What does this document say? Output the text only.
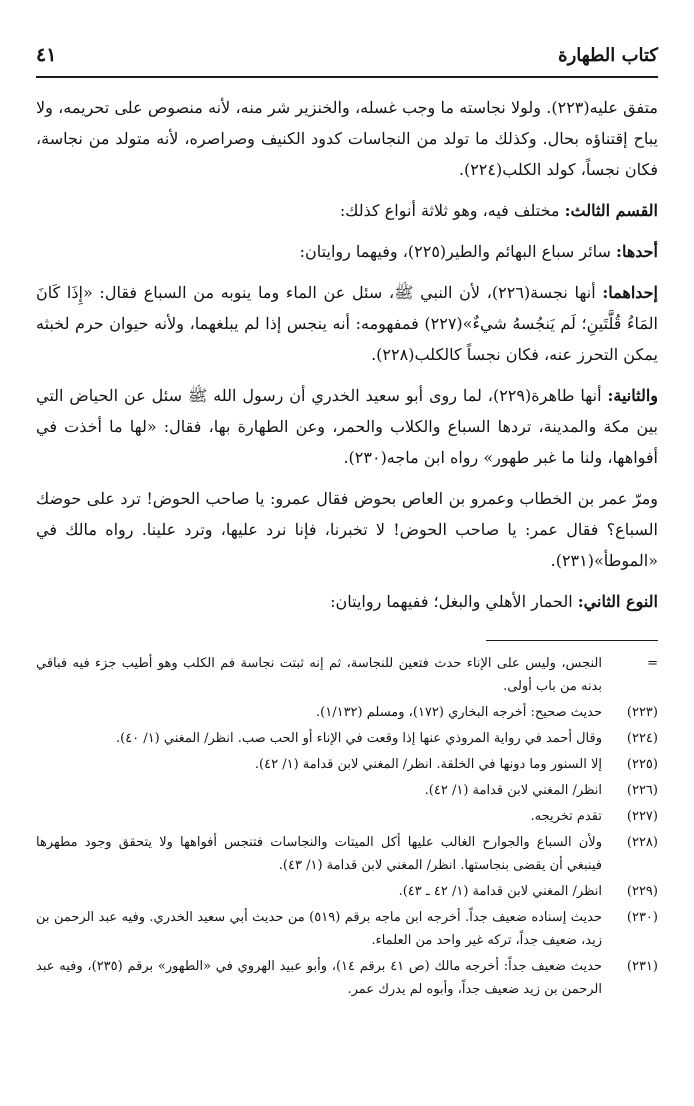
كتاب الطهارة
٤١

متفق عليه(٢٢٣). ولولا نجاسته ما وجب غسله، والخنزير شر منه، لأنه منصوص على تحريمه، ولا يباح إقتناؤه بحال. وكذلك ما تولد من النجاسات كدود الكنيف وصراصره، لأنه متولد من نجاسة، فكان نجساً، كولد الكلب(٢٢٤).

القسم الثالث: مختلف فيه، وهو ثلاثة أنواع كذلك:

أحدها: سائر سباع البهائم والطير(٢٢٥)، وفيهما روايتان:

إحداهما: أنها نجسة(٢٢٦)، لأن النبي ﷺ، سئل عن الماء وما ينوبه من السباع فقال: «إِذَا كَانَ المَاءُ قُلَّتَينِ؛ لَم يَنجُسهُ شيءٌ»(٢٢٧) فمفهومه: أنه ينجس إذا لم يبلغهما، ولأنه حيوان حرم لخبثه يمكن التحرز عنه، فكان نجساً كالكلب(٢٢٨).

والثانية: أنها طاهرة(٢٢٩)، لما روى أبو سعيد الخدري أن رسول الله ﷺ سئل عن الحياض التي بين مكة والمدينة، تردها السباع والكلاب والحمر، وعن الطهارة بها، فقال: «لها ما أخذت في أفواهها، ولنا ما غبر طهور» رواه ابن ماجه(٢٣٠).

ومرّ عمر بن الخطاب وعمرو بن العاص بحوض فقال عمرو: يا صاحب الحوض! ترد على حوضك السباع؟ فقال عمر: يا صاحب الحوض! لا تخبرنا، فإنا نرد عليها، وترد علينا. رواه مالك في «الموطأ»(٢٣١).

النوع الثاني: الحمار الأهلي والبغل؛ ففيهما روايتان:

=
النجس، وليس على الإناء حدث فتعين للنجاسة، ثم إنه ثبتت نجاسة فم الكلب وهو أطيب جزء فيه فباقي بدنه من باب أولى.
(٢٢٣)
حديث صحيح: أخرجه البخاري (١٧٢)، ومسلم (١/١٣٢).
(٢٢٤)
وقال أحمد في رواية المروذي عنها إذا وقعت في الإناء أو الحب صب. انظر/ المغني (١/ ٤٠).
(٢٢٥)
إلا السنور وما دونها في الخلقة. انظر/ المغني لابن قدامة (١/ ٤٢).
(٢٢٦)
انظر/ المغني لابن قدامة (١/ ٤٢).
(٢٢٧)
تقدم تخريجه.
(٢٢٨)
ولأن السباع والجوارح الغالب عليها أكل الميتات والنجاسات فتنجس أفواهها ولا يتحقق وجود مطهرها فينبغي أن يقضى بنجاستها. انظر/ المغني لابن قدامة (١/ ٤٣).
(٢٢٩)
انظر/ المغني لابن قدامة (١/ ٤٢ ـ ٤٣).
(٢٣٠)
حديث إسناده ضعيف جداً. أخرجه ابن ماجه برقم (٥١٩) من حديث أبي سعيد الخدري. وفيه عبد الرحمن بن زيد، ضعيف جداً، تركه غير واحد من العلماء.
(٢٣١)
حديث ضعيف جداً: أخرجه مالك (ص ٤١ برقم ١٤)، وأبو عبيد الهروي في «الطهور» برقم (٢٣٥)، وفيه عبد الرحمن بن زيد ضعيف جداً، وأبوه لم يدرك عمر.
